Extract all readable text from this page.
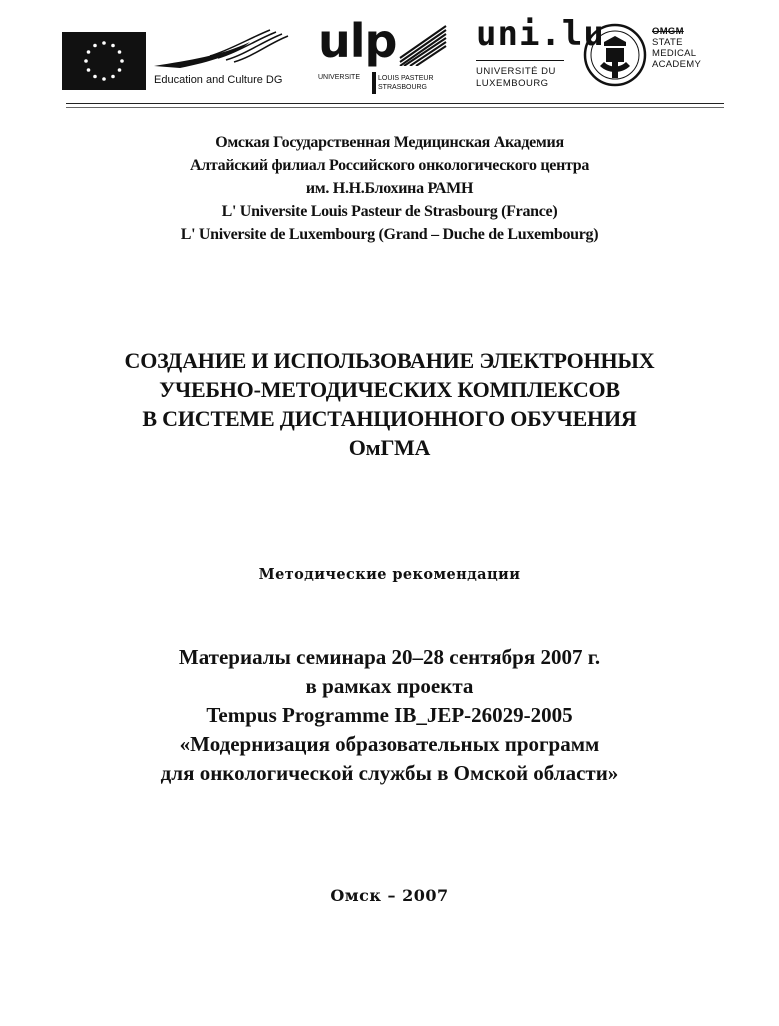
Education and Culture DG
ulp
UNIVERSITE	LOUIS PASTEUR
STRASBOURG
uni.lu
UNIVERSITÉ DU
LUXEMBOURG
OMGM
STATE
MEDICAL
ACADEMY
Омская Государственная Медицинская Академия
Алтайский филиал Российского онкологического центра
им. Н.Н.Блохина РАМН
L' Universite Louis Pasteur de Strasbourg (France)
L' Universite de Luxembourg (Grand – Duche de Luxembourg)
СОЗДАНИЕ И ИСПОЛЬЗОВАНИЕ ЭЛЕКТРОННЫХ
УЧЕБНО-МЕТОДИЧЕСКИХ КОМПЛЕКСОВ
В СИСТЕМЕ ДИСТАНЦИОННОГО ОБУЧЕНИЯ
ОмГМА
Методические рекомендации
Материалы семинара 20–28 сентября 2007 г.
в рамках проекта
Tempus Programme IB_JEP-26029-2005
«Модернизация образовательных программ
для онкологической службы в Омской области»
Омск – 2007
